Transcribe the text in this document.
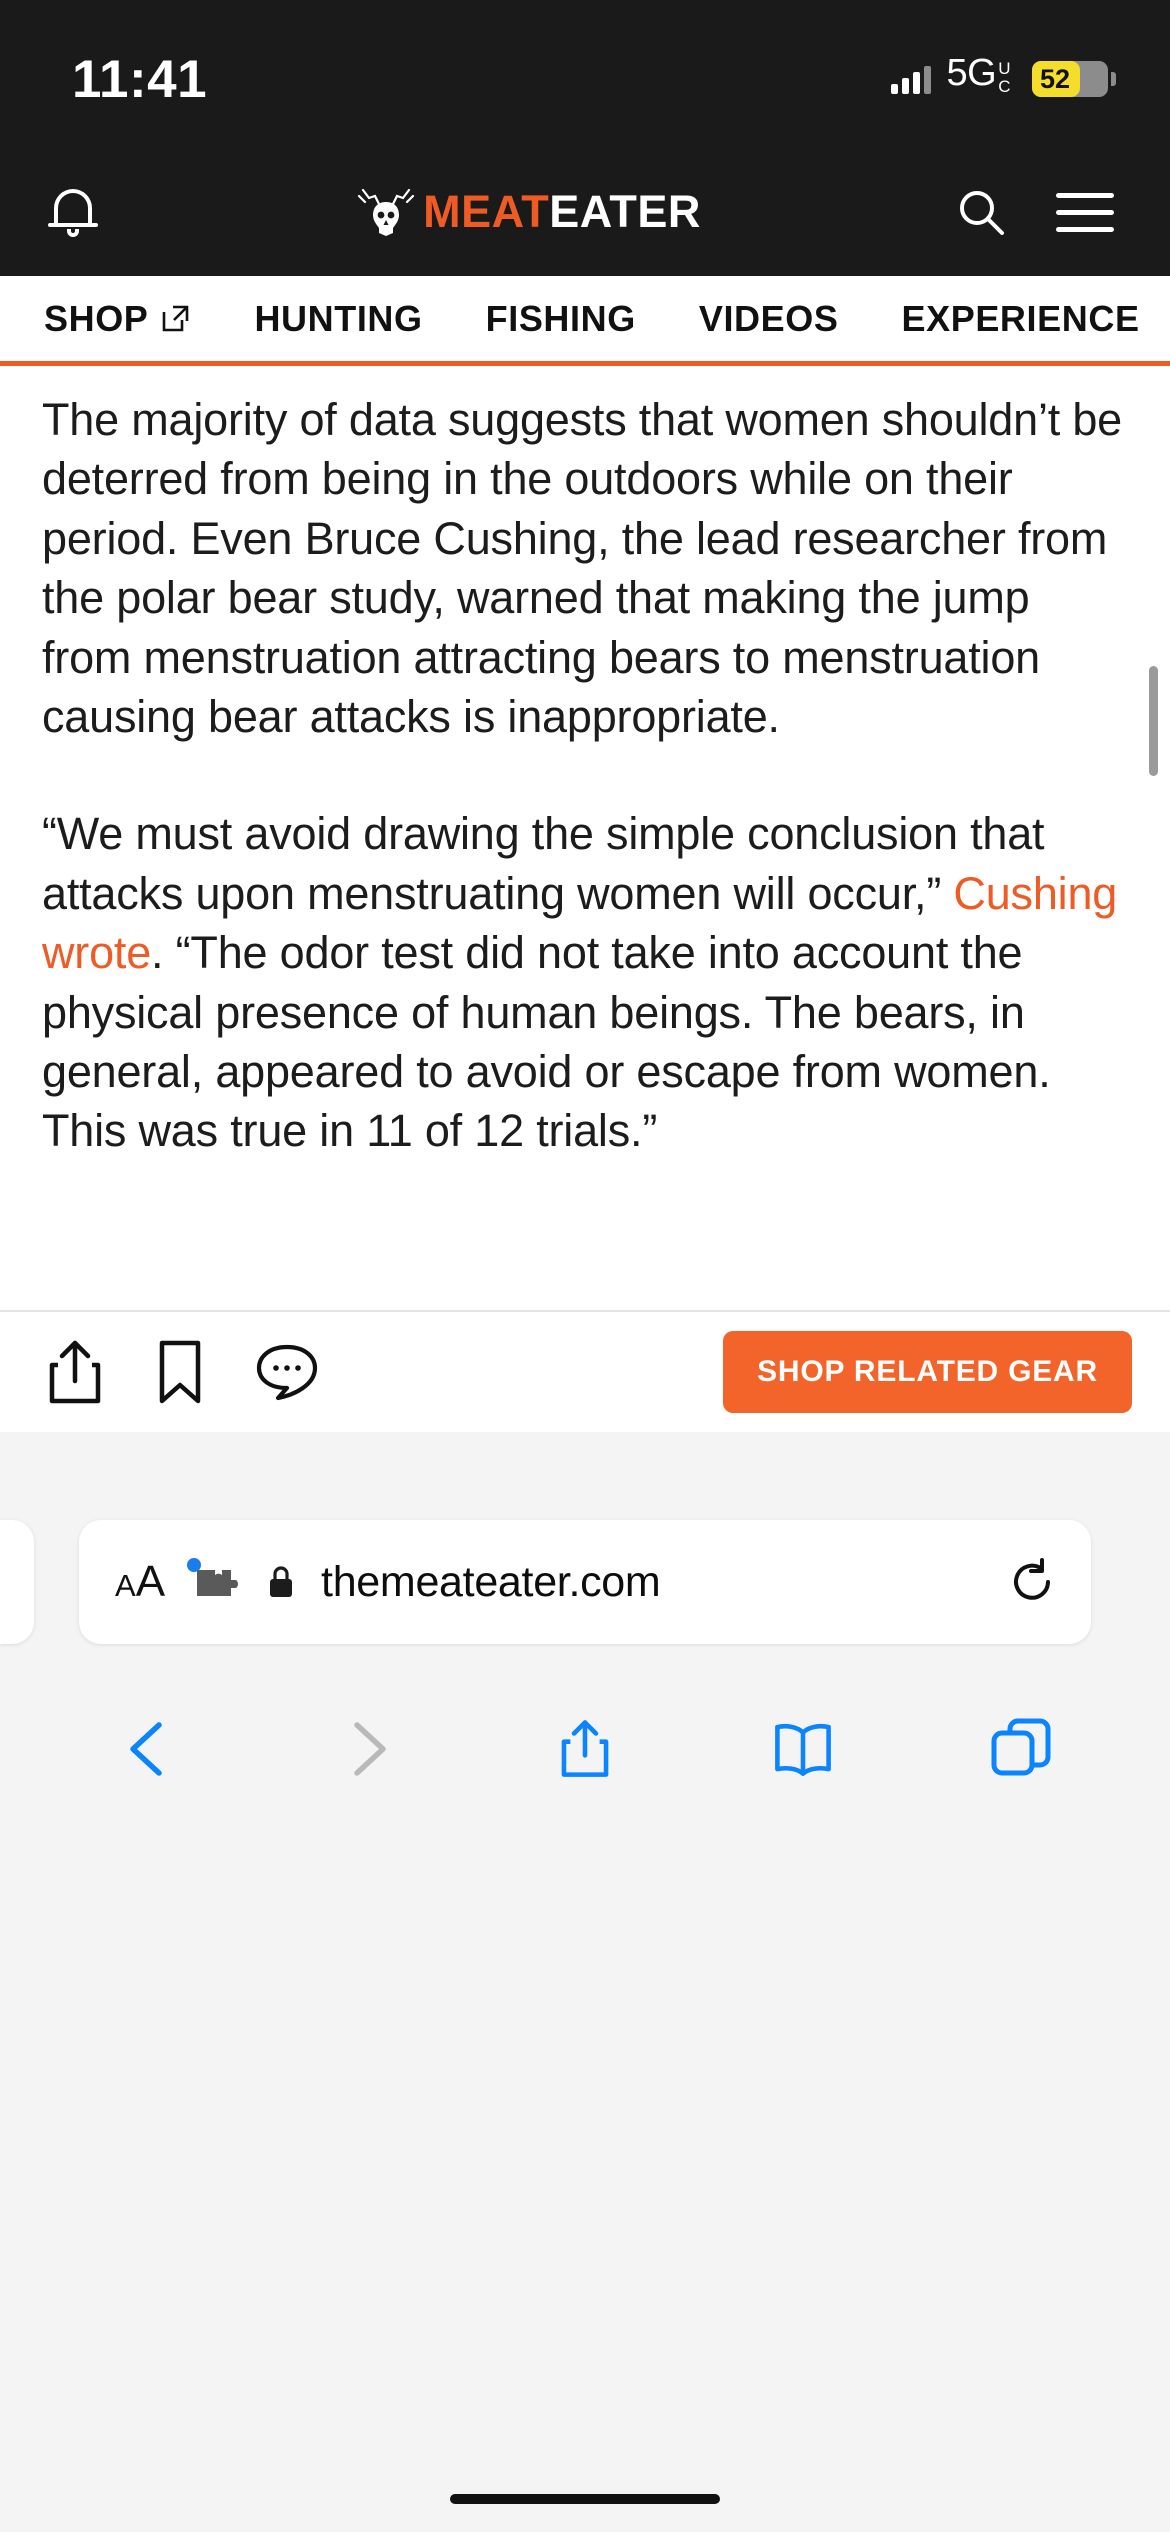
11:41	5G U
C 52
MEATEATER
SHOP	HUNTING FISHING VIDEOS EXPERIENCE

The majority of data suggests that women shouldn’t be deterred from being in the outdoors while on their period. Even Bruce Cushing, the lead researcher from the polar bear study, warned that making the jump from menstruation attracting bears to menstruation causing bear attacks is inappropriate.

“We must avoid drawing the simple conclusion that attacks upon menstruating women will occur,” Cushing wrote. “The odor test did not take into account the physical presence of human beings. The bears, in general, appeared to avoid or escape from women. This was true in 11 of 12 trials.”

SHOP RELATED GEAR
A A	themeateater.com
